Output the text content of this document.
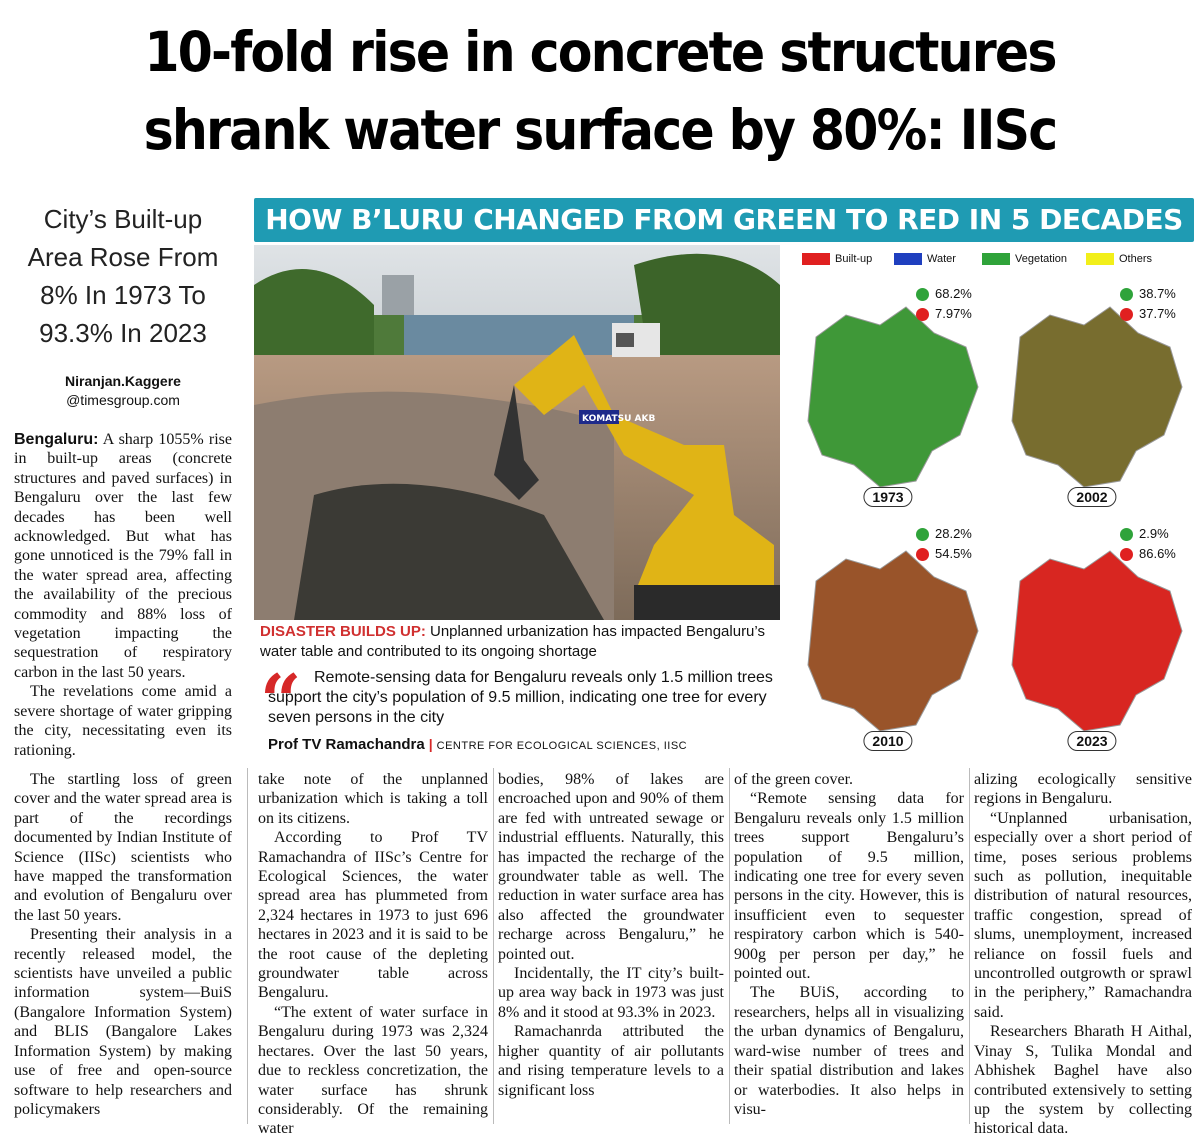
10-fold rise in concrete structures
shrank water surface by 80%: IISc
City’s Built-up
Area Rose From
8% In 1973 To
93.3% In 2023
Niranjan.Kaggere
@timesgroup.com

Bengaluru: A sharp 1055% rise in built-up areas (concrete structures and paved surfaces) in Bengaluru over the last few decades has been well acknowledged. But what has gone unnoticed is the 79% fall in the water spread area, affecting the availability of the precious commodity and 88% loss of vegetation impacting the sequestration of respiratory carbon in the last 50 years.

The revelations come amid a severe shortage of water gripping the city, necessitating even its rationing.

The startling loss of green cover and the water spread area is part of the recordings documented by Indian Institute of Science (IISc) scientists who have mapped the transformation and evolution of Bengaluru over the last 50 years.

Presenting their analysis in a recently released model, the scientists have unveiled a public information system—BuiS (Bangalore Information System) and BLIS (Bangalore Lakes Information System) by making use of free and open-source software to help researchers and policymakers

take note of the unplanned urbanization which is taking a toll on its citizens.

According to Prof TV Ramachandra of IISc’s Centre for Ecological Sciences, the water spread area has plummeted from 2,324 hectares in 1973 to just 696 hectares in 2023 and it is said to be the root cause of the depleting groundwater table across Bengaluru.

“The extent of water surface in Bengaluru during 1973 was 2,324 hectares. Over the last 50 years, due to reckless concretization, the water surface has shrunk considerably. Of the remaining water

bodies, 98% of lakes are encroached upon and 90% of them are fed with untreated sewage or industrial effluents. Naturally, this has impacted the recharge of the groundwater table as well. The reduction in water surface area has also affected the groundwater recharge across Bengaluru,” he pointed out.

Incidentally, the IT city’s built-up area way back in 1973 was just 8% and it stood at 93.3% in 2023.

Ramachanrda attributed the higher quantity of air pollutants and rising temperature levels to a significant loss

of the green cover.

“Remote sensing data for Bengaluru reveals only 1.5 million trees support Bengaluru’s population of 9.5 million, indicating one tree for every seven persons in the city. However, this is insufficient even to sequester respiratory carbon which is 540-900g per person per day,” he pointed out.

The BUiS, according to researchers, helps all in visualizing the urban dynamics of Bengaluru, ward-wise number of trees and their spatial distribution and lakes or waterbodies. It also helps in visu-

alizing ecologically sensitive regions in Bengaluru.

“Unplanned urbanisation, especially over a short period of time, poses serious problems such as pollution, inequitable distribution of natural resources, traffic congestion, spread of slums, unemployment, increased reliance on fossil fuels and uncontrolled outgrowth or sprawl in the periphery,” Ramachandra said.

Researchers Bharath H Aithal, Vinay S, Tulika Mondal and Abhishek Baghel have also contributed extensively to setting up the system by collecting historical data.

HOW B’LURU CHANGED FROM GREEN TO RED IN 5 DECADES
KOMATSU AKB
DISASTER BUILDS UP: Unplanned urbanization has impacted Bengaluru’s water table and contributed to its ongoing shortage
“ Remote-sensing data for Bengaluru reveals only 1.5 million trees support the city’s population of 9.5 million, indicating one tree for every seven persons in the city
Prof TV Ramachandra | CENTRE FOR ECOLOGICAL SCIENCES, IISC
Built-up	Water	Vegetation	Others
68.2%
7.97%
1973
38.7%
37.7%
2002
28.2%
54.5%
2010
2.9%
86.6%
2023
